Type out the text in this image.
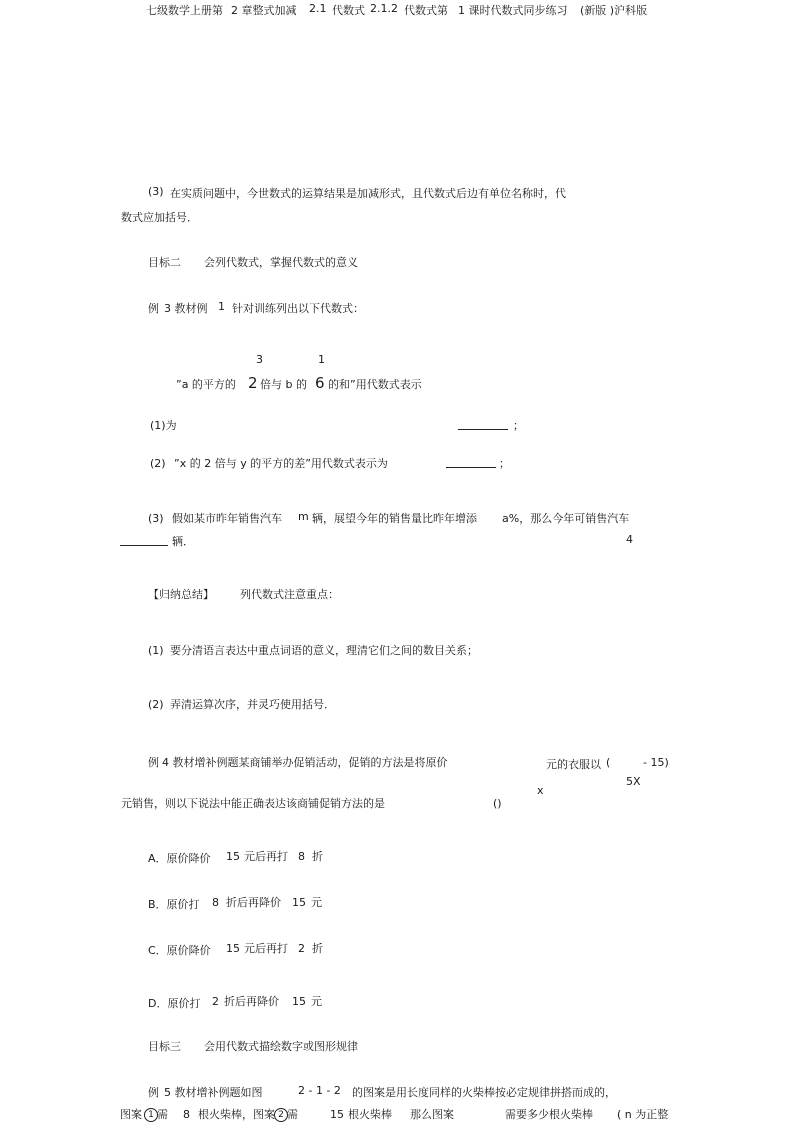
七级数学上册第 2 章整式加减 2.1 代数式 2.1.2 代数式第 1 课时代数式同步练习 (新版 )沪科版
(3) 在实质问题中，今世数式的运算结果是加减形式，且代数式后边有单位名称时，代
数式应加括号．
目标二 会列代数式，掌握代数式的意义
例 3 教材例 1 针对训练列出以下代数式：
3	1
”a 的平方的 2 倍与 b 的 6 的和”用代数式表示
(1)为	；
(2) ”x 的 2 倍与 y 的平方的差”用代数式表示为	；
(3) 假如某市昨年销售汽车 m 辆，展望今年的销售量比昨年增添 a%，那么今年可销售汽车
辆．	4
【归纳总结】 列代数式注意重点：
(1) 要分清语言表达中重点词语的意义，理清它们之间的数目关系；
(2) 弄清运算次序，并灵巧使用括号．
例 4 教材增补例题某商铺举办促销活动，促销的方法是将原价	元的衣服以 (	- 15)
5X
x
元销售，则以下说法中能正确表达该商铺促销方法的是	()
A．原价降价 15 元后再打 8 折
B．原价打 8 折后再降价 15 元
C．原价降价 15 元后再打 2 折
D．原价打 2 折后再降价 15 元
目标三 会用代数式描绘数字或图形规律
例 5 教材增补例题如图	2 - 1 - 2 的图案是用长度同样的火柴棒按必定规律拼搭而成的，
图案 1 需 8 根火柴棒，图案 2 需	15 根火柴棒 那么图案	需要多少根火柴棒 ( n 为正整
